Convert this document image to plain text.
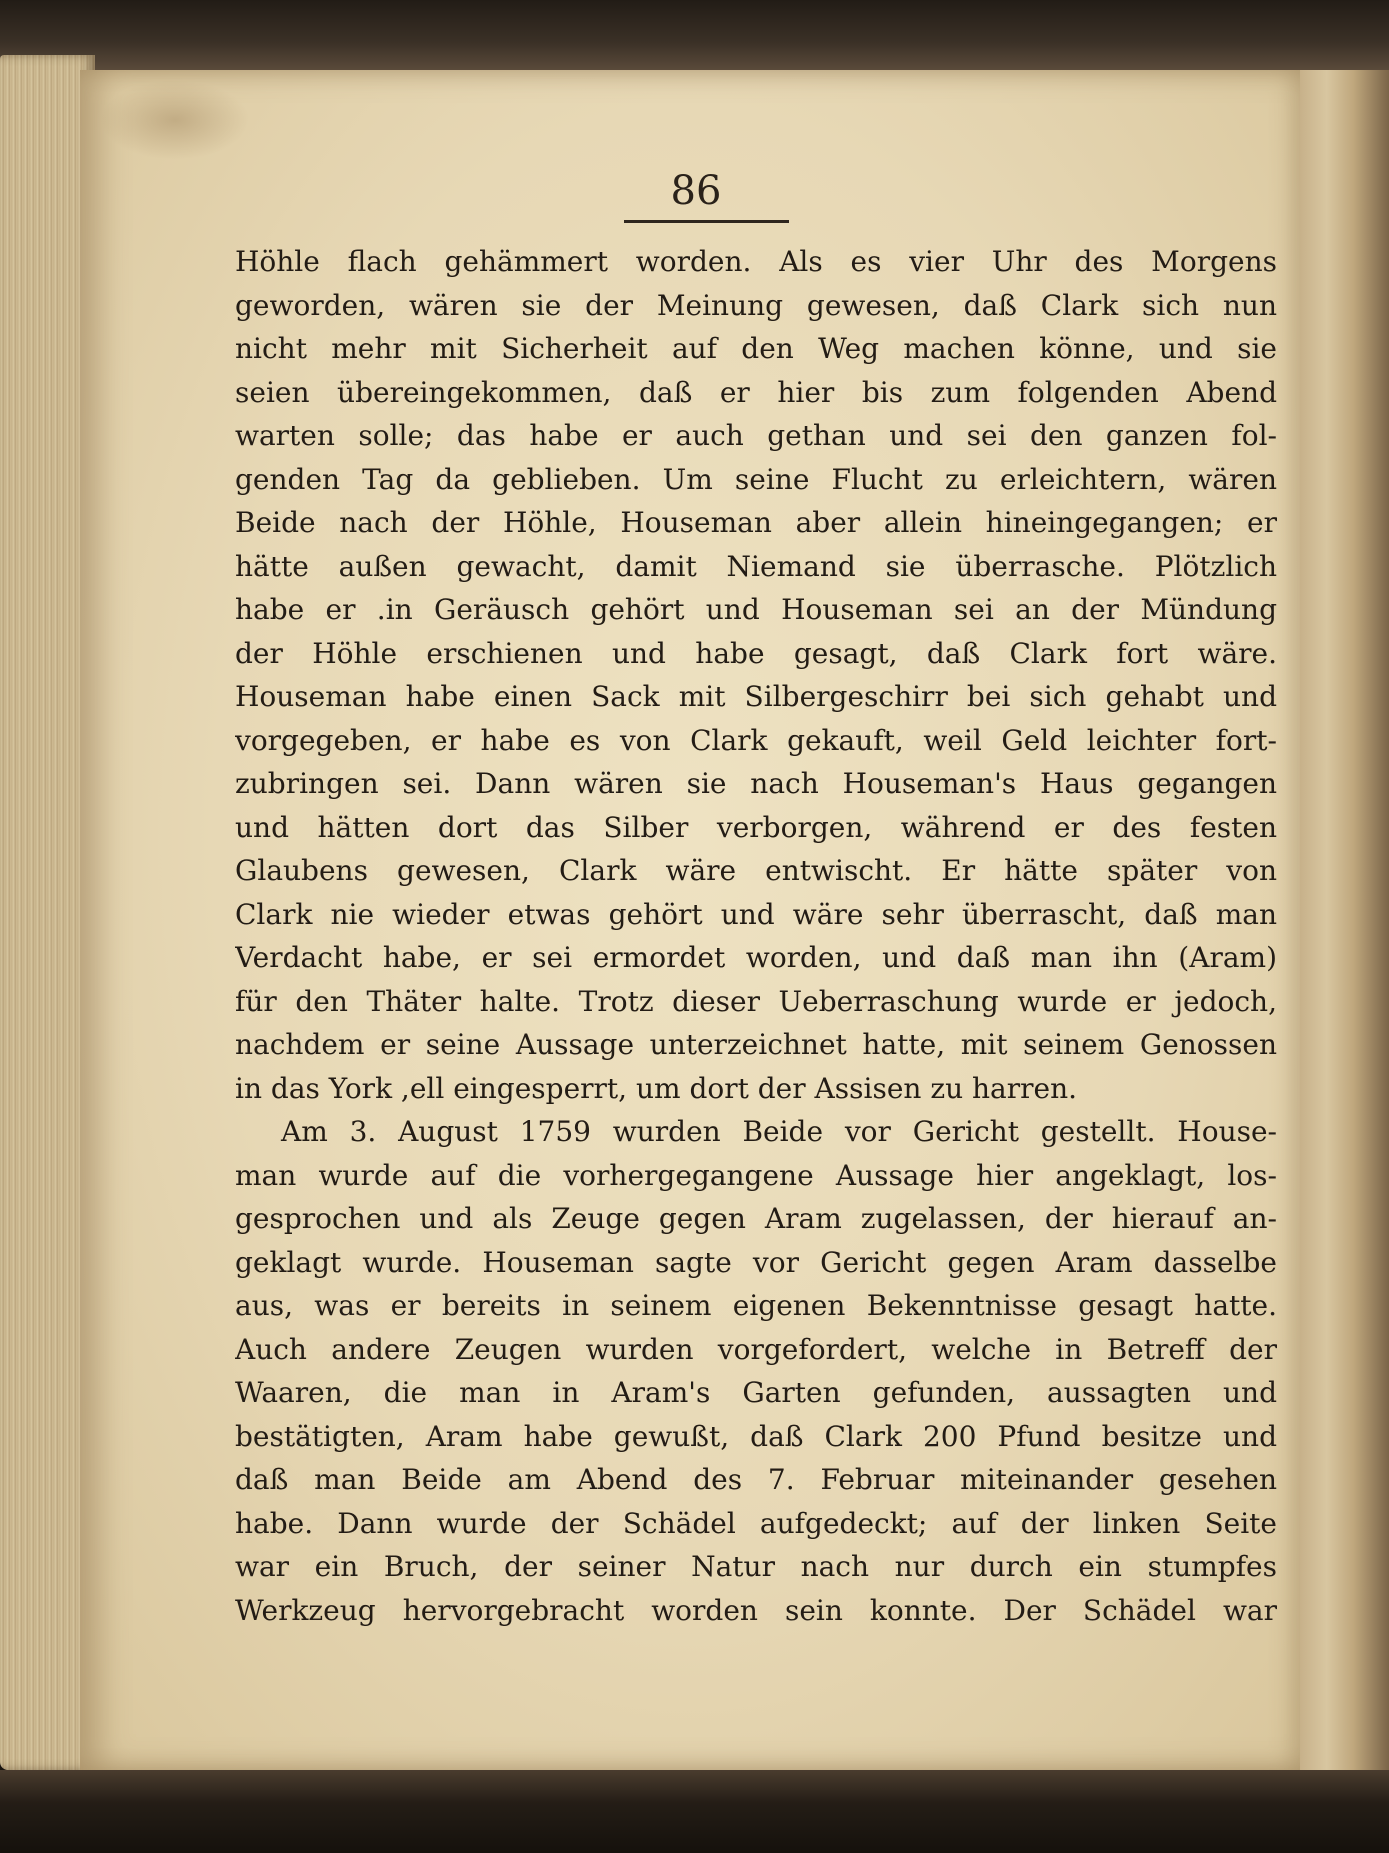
86
Höhle flach gehämmert worden. Als es vier Uhr des Morgens
geworden, wären sie der Meinung gewesen, daß Clark sich nun
nicht mehr mit Sicherheit auf den Weg machen könne, und sie
seien übereingekommen, daß er hier bis zum folgenden Abend
warten solle; das habe er auch gethan und sei den ganzen fol-
genden Tag da geblieben. Um seine Flucht zu erleichtern, wären
Beide nach der Höhle, Houseman aber allein hineingegangen; er
hätte außen gewacht, damit Niemand sie überrasche. Plötzlich
habe er .in Geräusch gehört und Houseman sei an der Mündung
der Höhle erschienen und habe gesagt, daß Clark fort wäre.
Houseman habe einen Sack mit Silbergeschirr bei sich gehabt und
vorgegeben, er habe es von Clark gekauft, weil Geld leichter fort-
zubringen sei. Dann wären sie nach Houseman's Haus gegangen
und hätten dort das Silber verborgen, während er des festen
Glaubens gewesen, Clark wäre entwischt. Er hätte später von
Clark nie wieder etwas gehört und wäre sehr überrascht, daß man
Verdacht habe, er sei ermordet worden, und daß man ihn (Aram)
für den Thäter halte. Trotz dieser Ueberraschung wurde er jedoch,
nachdem er seine Aussage unterzeichnet hatte, mit seinem Genossen
in das York ,ell eingesperrt, um dort der Assisen zu harren.
Am 3. August 1759 wurden Beide vor Gericht gestellt. House-
man wurde auf die vorhergegangene Aussage hier angeklagt, los-
gesprochen und als Zeuge gegen Aram zugelassen, der hierauf an-
geklagt wurde. Houseman sagte vor Gericht gegen Aram dasselbe
aus, was er bereits in seinem eigenen Bekenntnisse gesagt hatte.
Auch andere Zeugen wurden vorgefordert, welche in Betreff der
Waaren, die man in Aram's Garten gefunden, aussagten und
bestätigten, Aram habe gewußt, daß Clark 200 Pfund besitze und
daß man Beide am Abend des 7. Februar miteinander gesehen
habe. Dann wurde der Schädel aufgedeckt; auf der linken Seite
war ein Bruch, der seiner Natur nach nur durch ein stumpfes
Werkzeug hervorgebracht worden sein konnte. Der Schädel war
